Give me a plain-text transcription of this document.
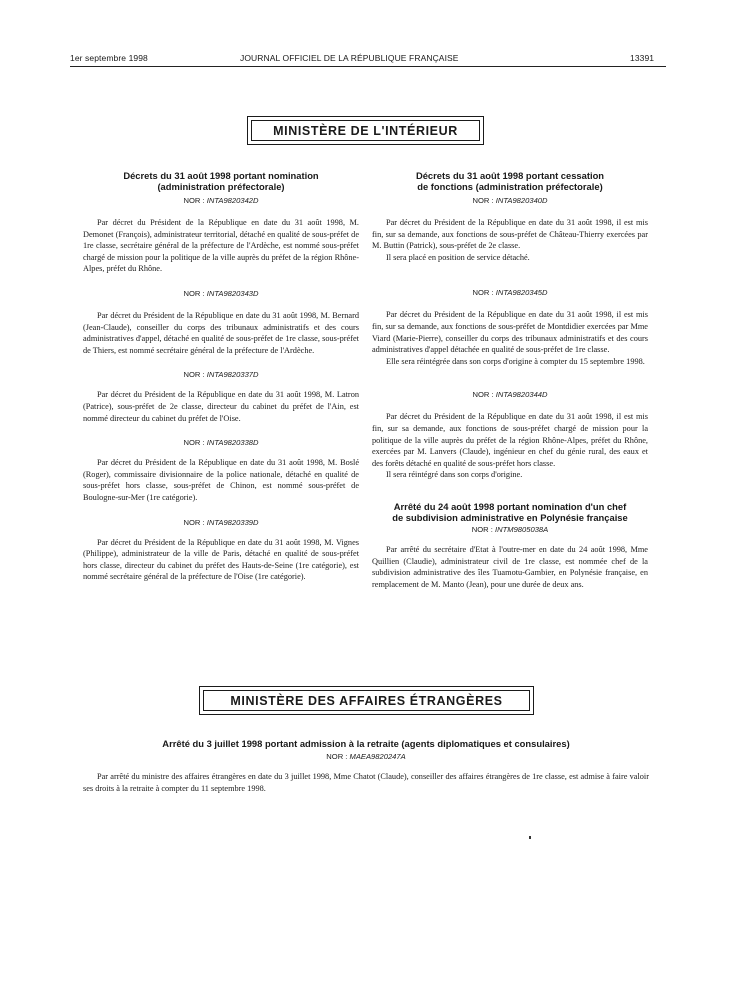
1er septembre 1998	JOURNAL OFFICIEL DE LA RÉPUBLIQUE FRANÇAISE	13391
MINISTÈRE DE L'INTÉRIEUR

Décrets du 31 août 1998 portant nomination

(administration préfectorale)

NOR : INTA9820342D

Par décret du Président de la République en date du 31 août 1998, M. Demonet (François), administrateur territorial, détaché en qualité de sous-préfet de 1re classe, secrétaire général de la préfecture de l'Ardèche, est nommé sous-préfet chargé de mission pour la politique de la ville auprès du préfet de la région Rhône-Alpes, préfet du Rhône.

NOR : INTA9820343D

Par décret du Président de la République en date du 31 août 1998, M. Bernard (Jean-Claude), conseiller du corps des tribunaux administratifs et des cours administratives d'appel, détaché en qualité de sous-préfet de 1re classe, sous-préfet de Thiers, est nommé secrétaire général de la préfecture de l'Ardèche.

NOR : INTA9820337D

Par décret du Président de la République en date du 31 août 1998, M. Latron (Patrice), sous-préfet de 2e classe, directeur du cabinet du préfet de l'Ain, est nommé directeur du cabinet du préfet de l'Oise.

NOR : INTA9820338D

Par décret du Président de la République en date du 31 août 1998, M. Boslé (Roger), commissaire divisionnaire de la police nationale, détaché en qualité de sous-préfet hors classe, sous-préfet de Chinon, est nommé sous-préfet de Boulogne-sur-Mer (1re catégorie).

NOR : INTA9820339D

Par décret du Président de la République en date du 31 août 1998, M. Vignes (Philippe), administrateur de la ville de Paris, détaché en qualité de sous-préfet hors classe, directeur du cabinet du préfet des Hauts-de-Seine (1re catégorie), est nommé secrétaire général de la préfecture de l'Oise (1re catégorie).

Décrets du 31 août 1998 portant cessation

de fonctions (administration préfectorale)

NOR : INTA9820340D

Par décret du Président de la République en date du 31 août 1998, il est mis fin, sur sa demande, aux fonctions de sous-préfet de Château-Thierry exercées par M. Buttin (Patrick), sous-préfet de 2e classe.

Il sera placé en position de service détaché.

NOR : INTA9820345D

Par décret du Président de la République en date du 31 août 1998, il est mis fin, sur sa demande, aux fonctions de sous-préfet de Montdidier exercées par Mme Viard (Marie-Pierre), conseiller du corps des tribunaux administratifs et des cours administratives d'appel détachée en qualité de sous-préfet de 1re classe.

Elle sera réintégrée dans son corps d'origine à compter du 15 septembre 1998.

NOR : INTA9820344D

Par décret du Président de la République en date du 31 août 1998, il est mis fin, sur sa demande, aux fonctions de sous-préfet chargé de mission pour la politique de la ville auprès du préfet de la région Rhône-Alpes, préfet du Rhône, exercées par M. Lanvers (Claude), ingénieur en chef du génie rural, des eaux et des forêts détaché en qualité de sous-préfet hors classe.

Il sera réintégré dans son corps d'origine.

Arrêté du 24 août 1998 portant nomination d'un chef

de subdivision administrative en Polynésie française

NOR : INTM9805038A

Par arrêté du secrétaire d'Etat à l'outre-mer en date du 24 août 1998, Mme Quillien (Claudie), administrateur civil de 1re classe, est nommée chef de la subdivision administrative des îles Tuamotu-Gambier, en Polynésie française, en remplacement de M. Manto (Jean), pour une durée de deux ans.

MINISTÈRE DES AFFAIRES ÉTRANGÈRES

Arrêté du 3 juillet 1998 portant admission à la retraite (agents diplomatiques et consulaires)

NOR : MAEA9820247A

Par arrêté du ministre des affaires étrangères en date du 3 juillet 1998, Mme Chatot (Claude), conseiller des affaires étrangères de 1re classe, est admise à faire valoir ses droits à la retraite à compter du 11 septembre 1998.
